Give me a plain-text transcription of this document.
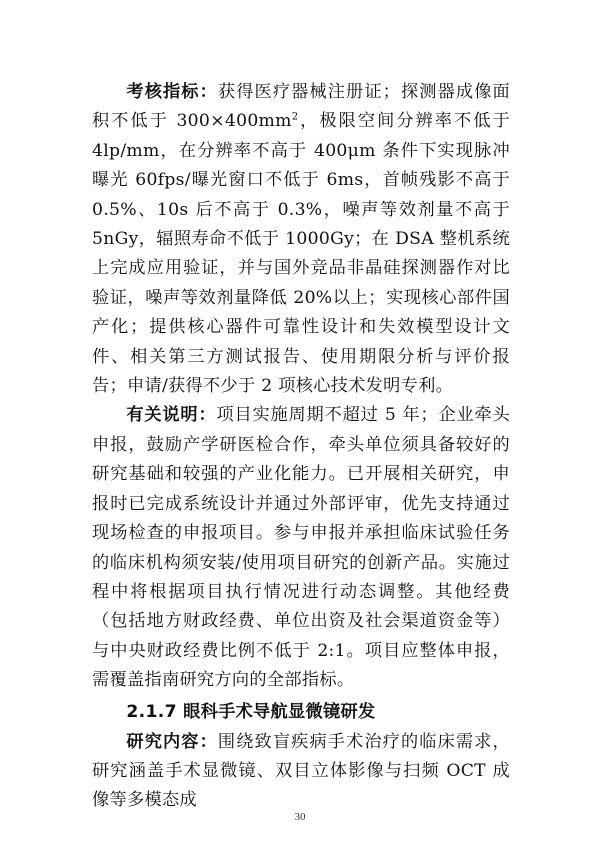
考核指标：获得医疗器械注册证；探测器成像面积不低于 $300\times 400mm^2$，极限空间分辨率不低于 4lp/mm，在分辨率不高于 400μm 条件下实现脉冲曝光 60fps/曝光窗口不低于 6ms，首帧残影不高于 0.5%、10s 后不高于 0.3%，噪声等效剂量不高于 5nGy，辐照寿命不低于 1000Gy；在 DSA 整机系统上完成应用验证，并与国外竞品非晶硅探测器作对比验证，噪声等效剂量降低 20%以上；实现核心部件国产化；提供核心器件可靠性设计和失效模型设计文件、相关第三方测试报告、使用期限分析与评价报告；申请/获得不少于 2 项核心技术发明专利。

有关说明：项目实施周期不超过 5 年；企业牵头申报，鼓励产学研医检合作，牵头单位须具备较好的研究基础和较强的产业化能力。已开展相关研究，申报时已完成系统设计并通过外部评审，优先支持通过现场检查的申报项目。参与申报并承担临床试验任务的临床机构须安装/使用项目研究的创新产品。实施过程中将根据项目执行情况进行动态调整。其他经费（包括地方财政经费、单位出资及社会渠道资金等）与中央财政经费比例不低于 2:1。项目应整体申报，需覆盖指南研究方向的全部指标。

2.1.7 眼科手术导航显微镜研发

研究内容：围绕致盲疾病手术治疗的临床需求，研究涵盖手术显微镜、双目立体影像与扫频 OCT 成像等多模态成

30
